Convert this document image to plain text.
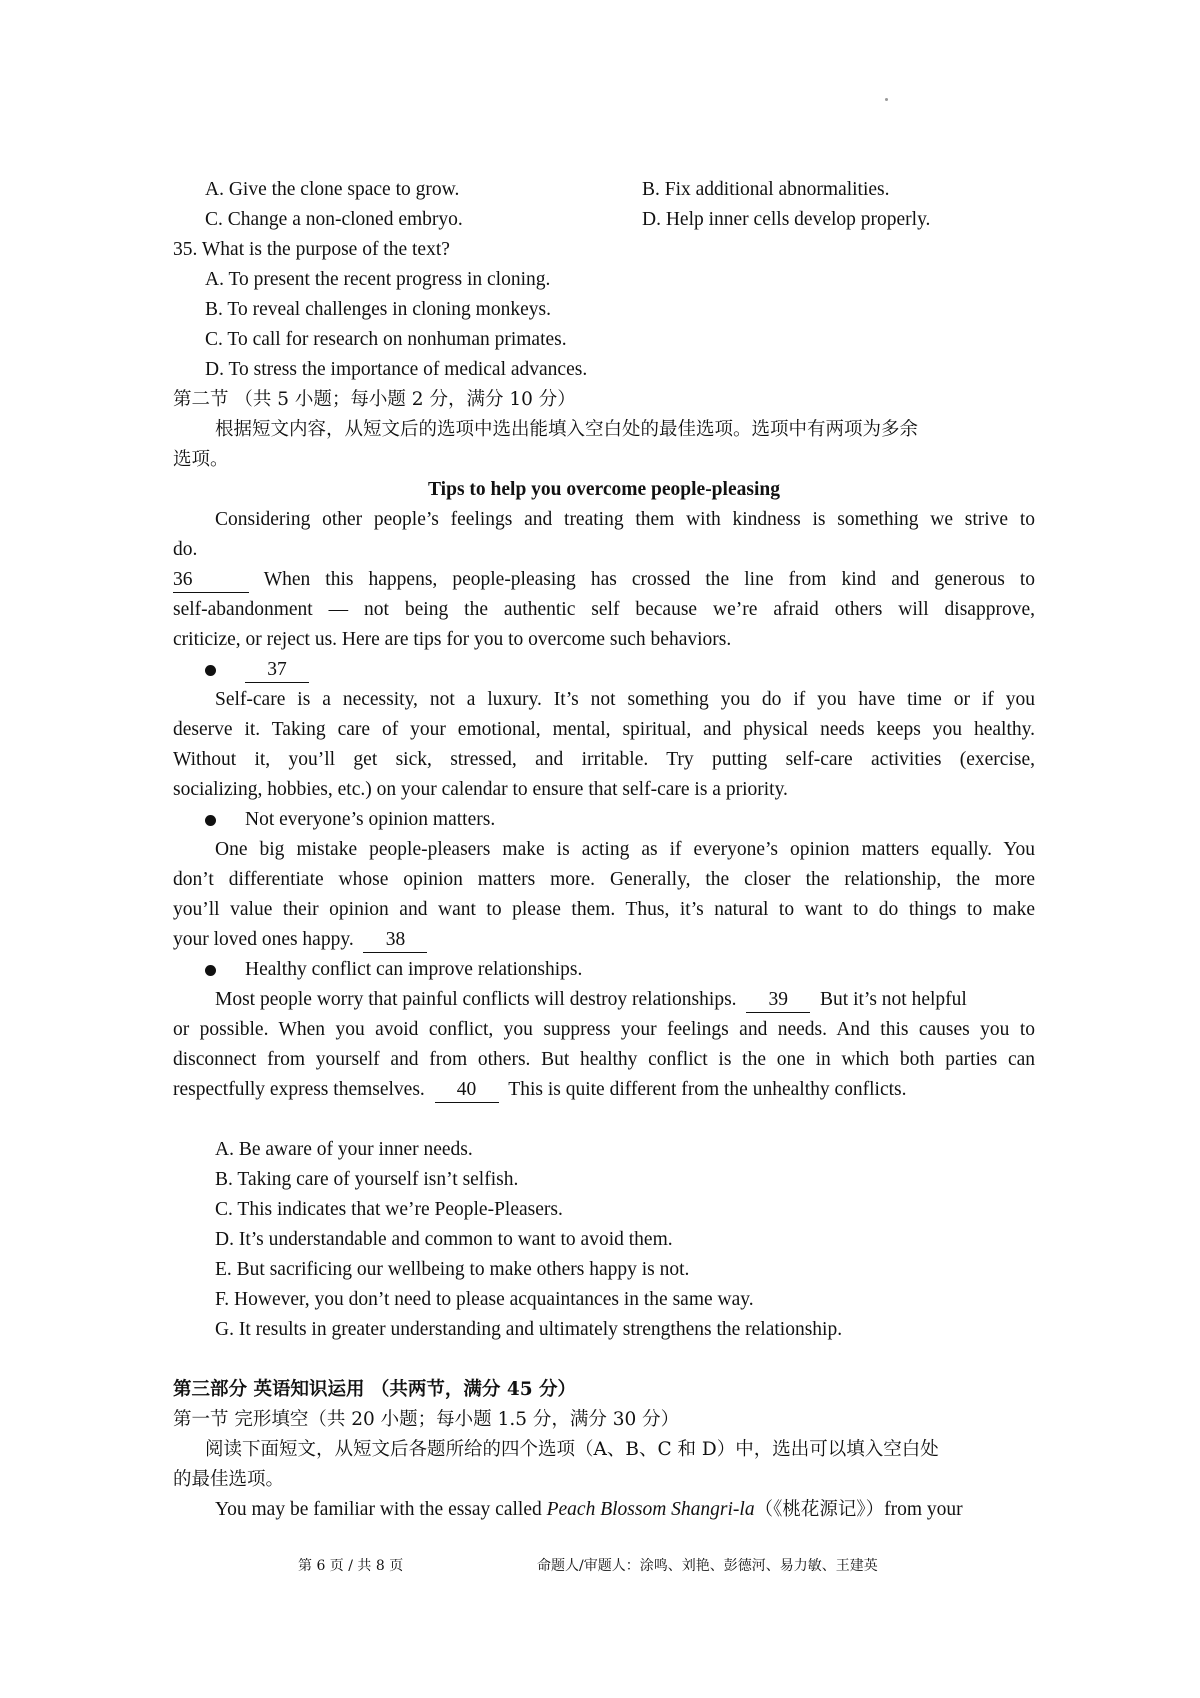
A. Give the clone space to grow.	B. Fix additional abnormalities.
C. Change a non-cloned embryo.	D. Help inner cells develop properly.
35. What is the purpose of the text?
A. To present the recent progress in cloning.
B. To reveal challenges in cloning monkeys.
C. To call for research on nonhuman primates.
D. To stress the importance of medical advances.
第二节 （共 5 小题；每小题 2 分，满分 10 分）
根据短文内容，从短文后的选项中选出能填入空白处的最佳选项。选项中有两项为多余
选项。
Tips to help you overcome people-pleasing
Considering other people’s feelings and treating them with kindness is something we strive to
do.
36	When this happens, people-pleasing has crossed the line from kind and generous to
self-abandonment — not being the authentic self because we’re afraid others will disapprove,
criticize, or reject us. Here are tips for you to overcome such behaviors.
37
Self-care is a necessity, not a luxury. It’s not something you do if you have time or if you
deserve it. Taking care of your emotional, mental, spiritual, and physical needs keeps you healthy.
Without it, you’ll get sick, stressed, and irritable. Try putting self-care activities (exercise,
socializing, hobbies, etc.) on your calendar to ensure that self-care is a priority.
Not everyone’s opinion matters.
One big mistake people-pleasers make is acting as if everyone’s opinion matters equally. You
don’t differentiate whose opinion matters more. Generally, the closer the relationship, the more
you’ll value their opinion and want to please them. Thus, it’s natural to want to do things to make
your loved ones happy. 38
Healthy conflict can improve relationships.
Most people worry that painful conflicts will destroy relationships. 39 But it’s not helpful
or possible. When you avoid conflict, you suppress your feelings and needs. And this causes you to
disconnect from yourself and from others. But healthy conflict is the one in which both parties can
respectfully express themselves. 40 This is quite different from the unhealthy conflicts.
A. Be aware of your inner needs.
B. Taking care of yourself isn’t selfish.
C. This indicates that we’re People-Pleasers.
D. It’s understandable and common to want to avoid them.
E. But sacrificing our wellbeing to make others happy is not.
F. However, you don’t need to please acquaintances in the same way.
G. It results in greater understanding and ultimately strengthens the relationship.
第三部分 英语知识运用 （共两节，满分 45 分）
第一节 完形填空（共 20 小题；每小题 1.5 分，满分 30 分）
阅读下面短文，从短文后各题所给的四个选项（A、B、C 和 D）中，选出可以填入空白处
的最佳选项。
You may be familiar with the essay called Peach Blossom Shangri-la（《桃花源记》）from your
第 6 页 / 共 8 页	命题人/审题人：涂鸣、刘艳、彭德河、易力敏、王建英
